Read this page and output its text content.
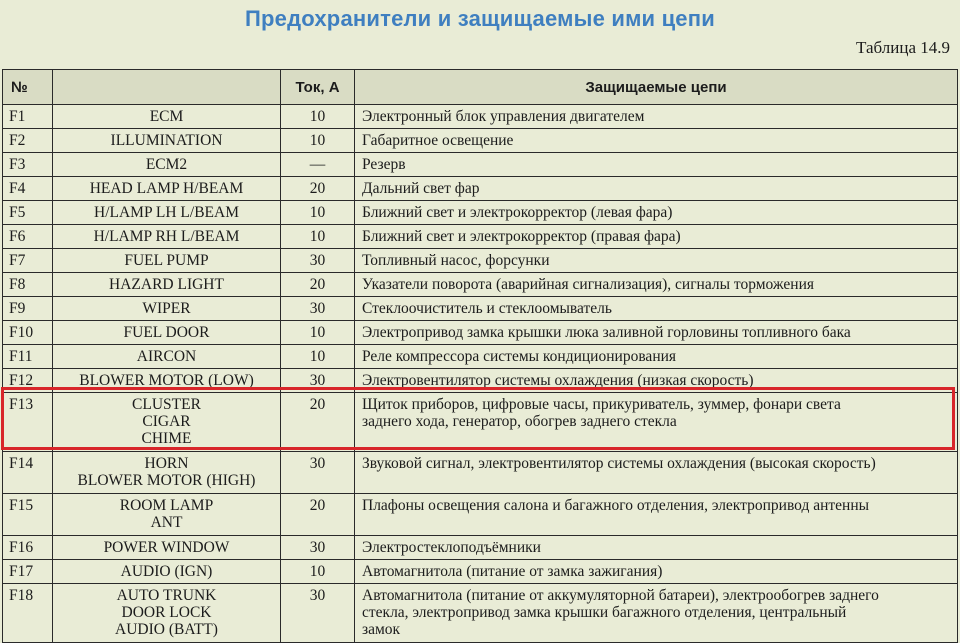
Предохранители и защищаемые ими цепи
Таблица 14.9
№		Ток, А	Защищаемые цепи
F1	ECM	10	Электронный блок управления двигателем

F2	ILLUMINATION	10	Габаритное освещение

F3	ECM2	—	Резерв

F4	HEAD LAMP H/BEAM	20	Дальний свет фар

F5	H/LAMP LH L/BEAM	10	Ближний свет и электрокорректор (левая фара)

F6	H/LAMP RH L/BEAM	10	Ближний свет и электрокорректор (правая фара)

F7	FUEL PUMP	30	Топливный насос, форсунки

F8	HAZARD LIGHT	20	Указатели поворота (аварийная сигнализация), сигналы торможения

F9	WIPER	30	Стеклоочиститель и стеклоомыватель

F10	FUEL DOOR	10	Электропривод замка крышки люка заливной горловины топливного бака

F11	AIRCON	10	Реле компрессора системы кондиционирования

F12	BLOWER MOTOR (LOW)	30	Электровентилятор системы охлаждения (низкая скорость)

F13	CLUSTER
CIGAR
CHIME	20	Щиток приборов, цифровые часы, прикуриватель, зуммер, фонари света
заднего хода, генератор, обогрев заднего стекла

F14	HORN
BLOWER MOTOR (HIGH)	30	Звуковой сигнал, электровентилятор системы охлаждения (высокая скорость)

F15	ROOM LAMP
ANT	20	Плафоны освещения салона и багажного отделения, электропривод антенны

F16	POWER WINDOW	30	Электростеклоподъёмники

F17	AUDIO (IGN)	10	Автомагнитола (питание от замка зажигания)

F18	AUTO TRUNK
DOOR LOCK
AUDIO (BATT)	30	Автомагнитола (питание от аккумуляторной батареи), электрообогрев заднего
стекла, электропривод замка крышки багажного отделения, центральный
замок
